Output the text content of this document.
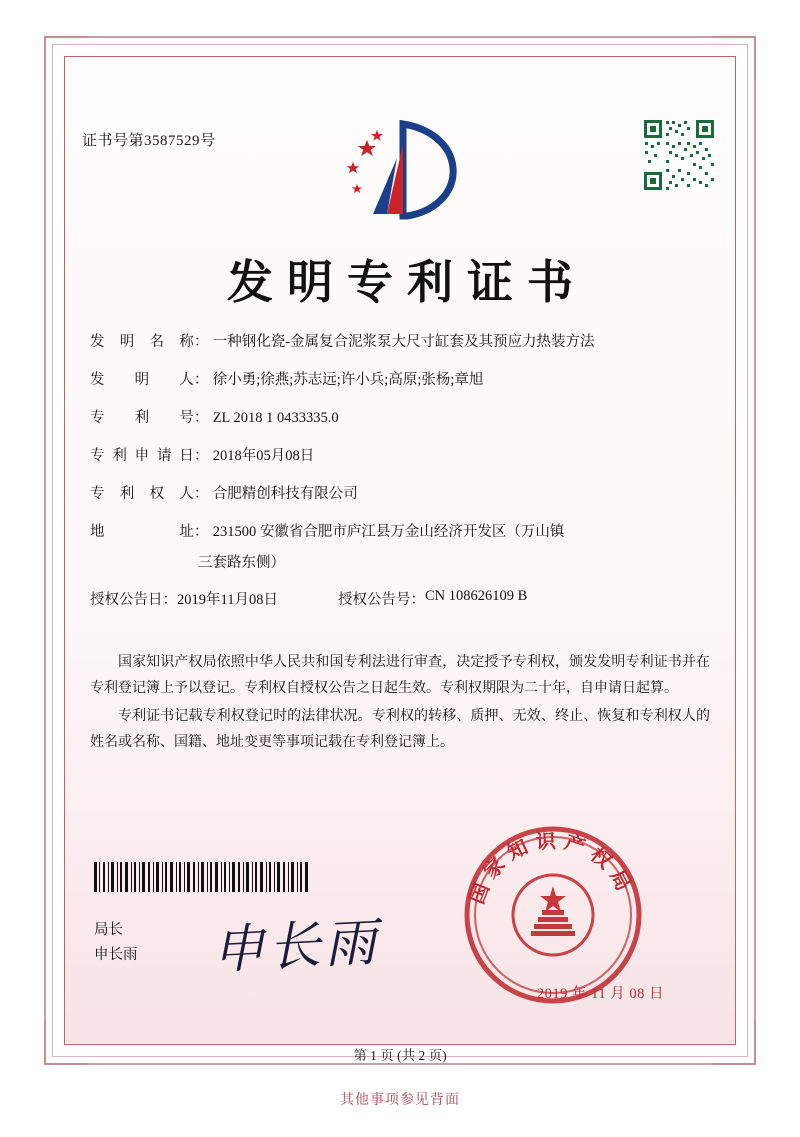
证书号第3587529号
发明专利证书
发明名称： 一种钢化瓷-金属复合泥浆泵大尺寸缸套及其预应力热装方法
发明人： 徐小勇;徐燕;苏志远;许小兵;高原;张杨;章旭
专利号： ZL 2018 1 0433335.0
专利申请日： 2018年05月08日
专利权人： 合肥精创科技有限公司
地址： 231500 安徽省合肥市庐江县万金山经济开发区（万山镇
三套路东侧）
授权公告日： 2019年11月08日	授权公告号： CN 108626109 B

国家知识产权局依照中华人民共和国专利法进行审查，决定授予专利权，颁发发明专利证书并在专利登记簿上予以登记。专利权自授权公告之日起生效。专利权期限为二十年，自申请日起算。

专利证书记载专利权登记时的法律状况。专利权的转移、质押、无效、终止、恢复和专利权人的姓名或名称、国籍、地址变更等事项记载在专利登记簿上。

局长
申长雨 申长雨
国家知识产权局
2019 年 11 月 08 日
第 1 页 (共 2 页)
其他事项参见背面
